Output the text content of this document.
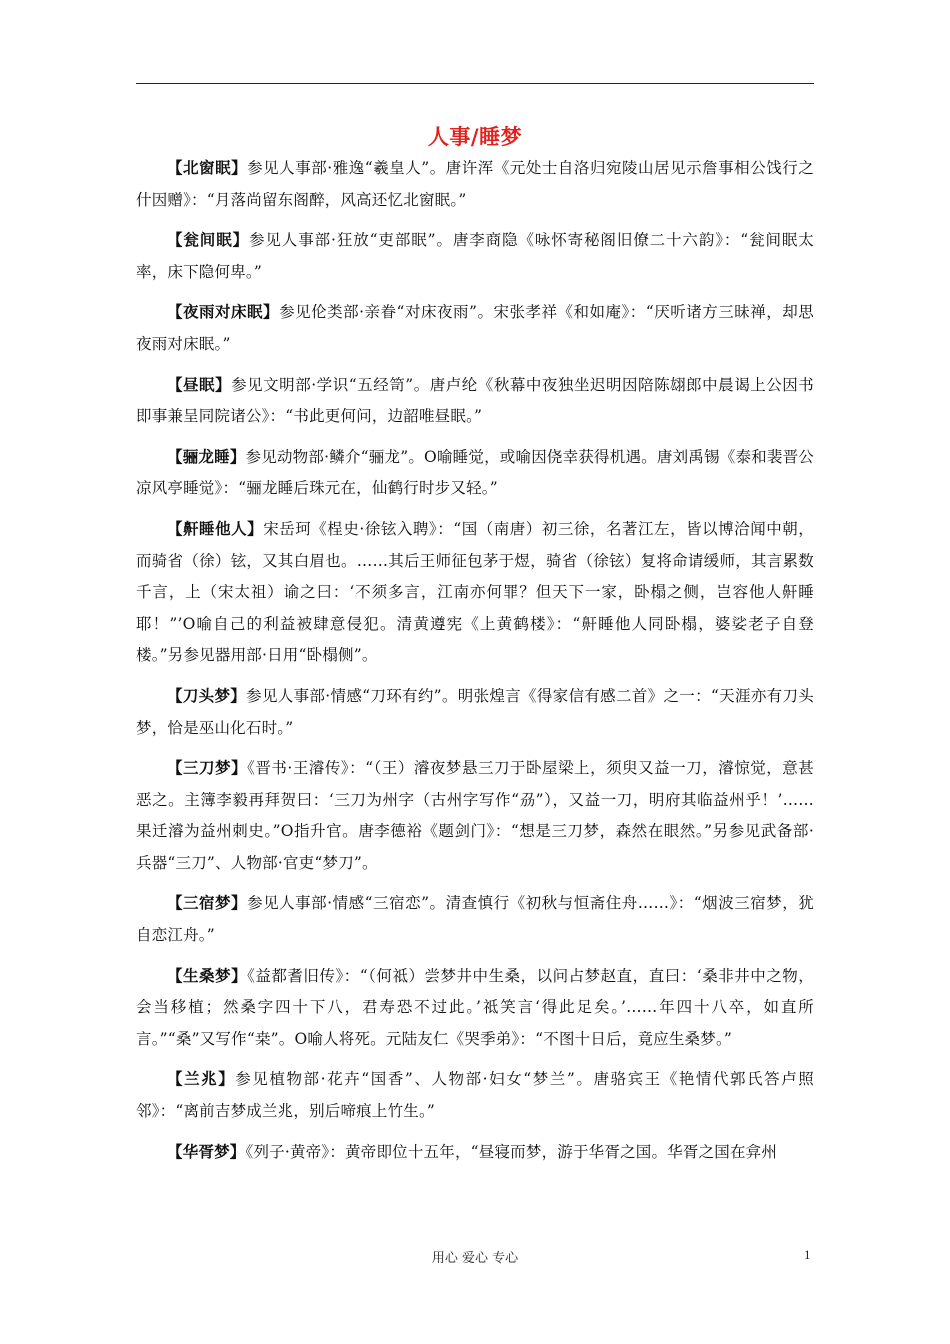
人事/睡梦

【北窗眠】参见人事部·雅逸“羲皇人”。唐许浑《元处士自洛归宛陵山居见示詹事相公饯行之什因赠》：“月落尚留东阁醉，风高还忆北窗眠。”

【瓮间眠】参见人事部·狂放“吏部眠”。唐李商隐《咏怀寄秘阁旧僚二十六韵》：“瓮间眠太率，床下隐何卑。”

【夜雨对床眠】参见伦类部·亲眷“对床夜雨”。宋张孝祥《和如庵》：“厌听诸方三昧禅，却思夜雨对床眠。”

【昼眠】参见文明部·学识“五经笥”。唐卢纶《秋幕中夜独坐迟明因陪陈翃郎中晨谒上公因书即事兼呈同院诸公》：“书此更何问，边韶唯昼眠。”

【骊龙睡】参见动物部·鳞介“骊龙”。O喻睡觉，或喻因侥幸获得机遇。唐刘禹锡《泰和裴晋公凉风亭睡觉》：“骊龙睡后珠元在，仙鹤行时步又轻。”

【鼾睡他人】宋岳珂《桯史·徐铉入聘》：“国（南唐）初三徐，名著江左，皆以博洽闻中朝，而骑省（徐）铉，又其白眉也。……其后王师征包茅于煜，骑省（徐铉）复将命请缓师，其言累数千言，上（宋太祖）谕之曰：‘不须多言，江南亦何罪？但天下一家，卧榻之侧，岂容他人鼾睡耶！”’O喻自己的利益被肆意侵犯。清黄遵宪《上黄鹤楼》：“鼾睡他人同卧榻，婆娑老子自登楼。”另参见器用部·日用“卧榻侧”。

【刀头梦】参见人事部·情感“刀环有约”。明张煌言《得家信有感二首》之一：“天涯亦有刀头梦，恰是巫山化石时。”

【三刀梦】《晋书·王濬传》：“（王）濬夜梦悬三刀于卧屋梁上，须臾又益一刀，濬惊觉，意甚恶之。主簿李毅再拜贺曰：‘三刀为州字（古州字写作“刕”），又益一刀，明府其临益州乎！’……果迁濬为益州刺史。”O指升官。唐李德裕《题剑门》：“想是三刀梦，森然在眼然。”另参见武备部·兵器“三刀”、人物部·官吏“梦刀”。

【三宿梦】参见人事部·情感“三宿恋”。清查慎行《初秋与恒斋住舟……》：“烟波三宿梦，犹自恋江舟。”

【生桑梦】《益都耆旧传》：“（何祗）尝梦井中生桑，以问占梦赵直，直曰：‘桑非井中之物，会当移植；然桑字四十下八，君寿恐不过此。’祗笑言‘得此足矣。’……年四十八卒，如直所言。”“桑”又写作“桒”。O喻人将死。元陆友仁《哭季弟》：“不图十日后，竟应生桑梦。”

【兰兆】参见植物部·花卉“国香”、人物部·妇女“梦兰”。唐骆宾王《艳情代郭氏答卢照邻》：“离前吉梦成兰兆，别后啼痕上竹生。”

【华胥梦】《列子·黄帝》：黄帝即位十五年，“昼寝而梦，游于华胥之国。华胥之国在弇州

用心 爱心 专心	1
